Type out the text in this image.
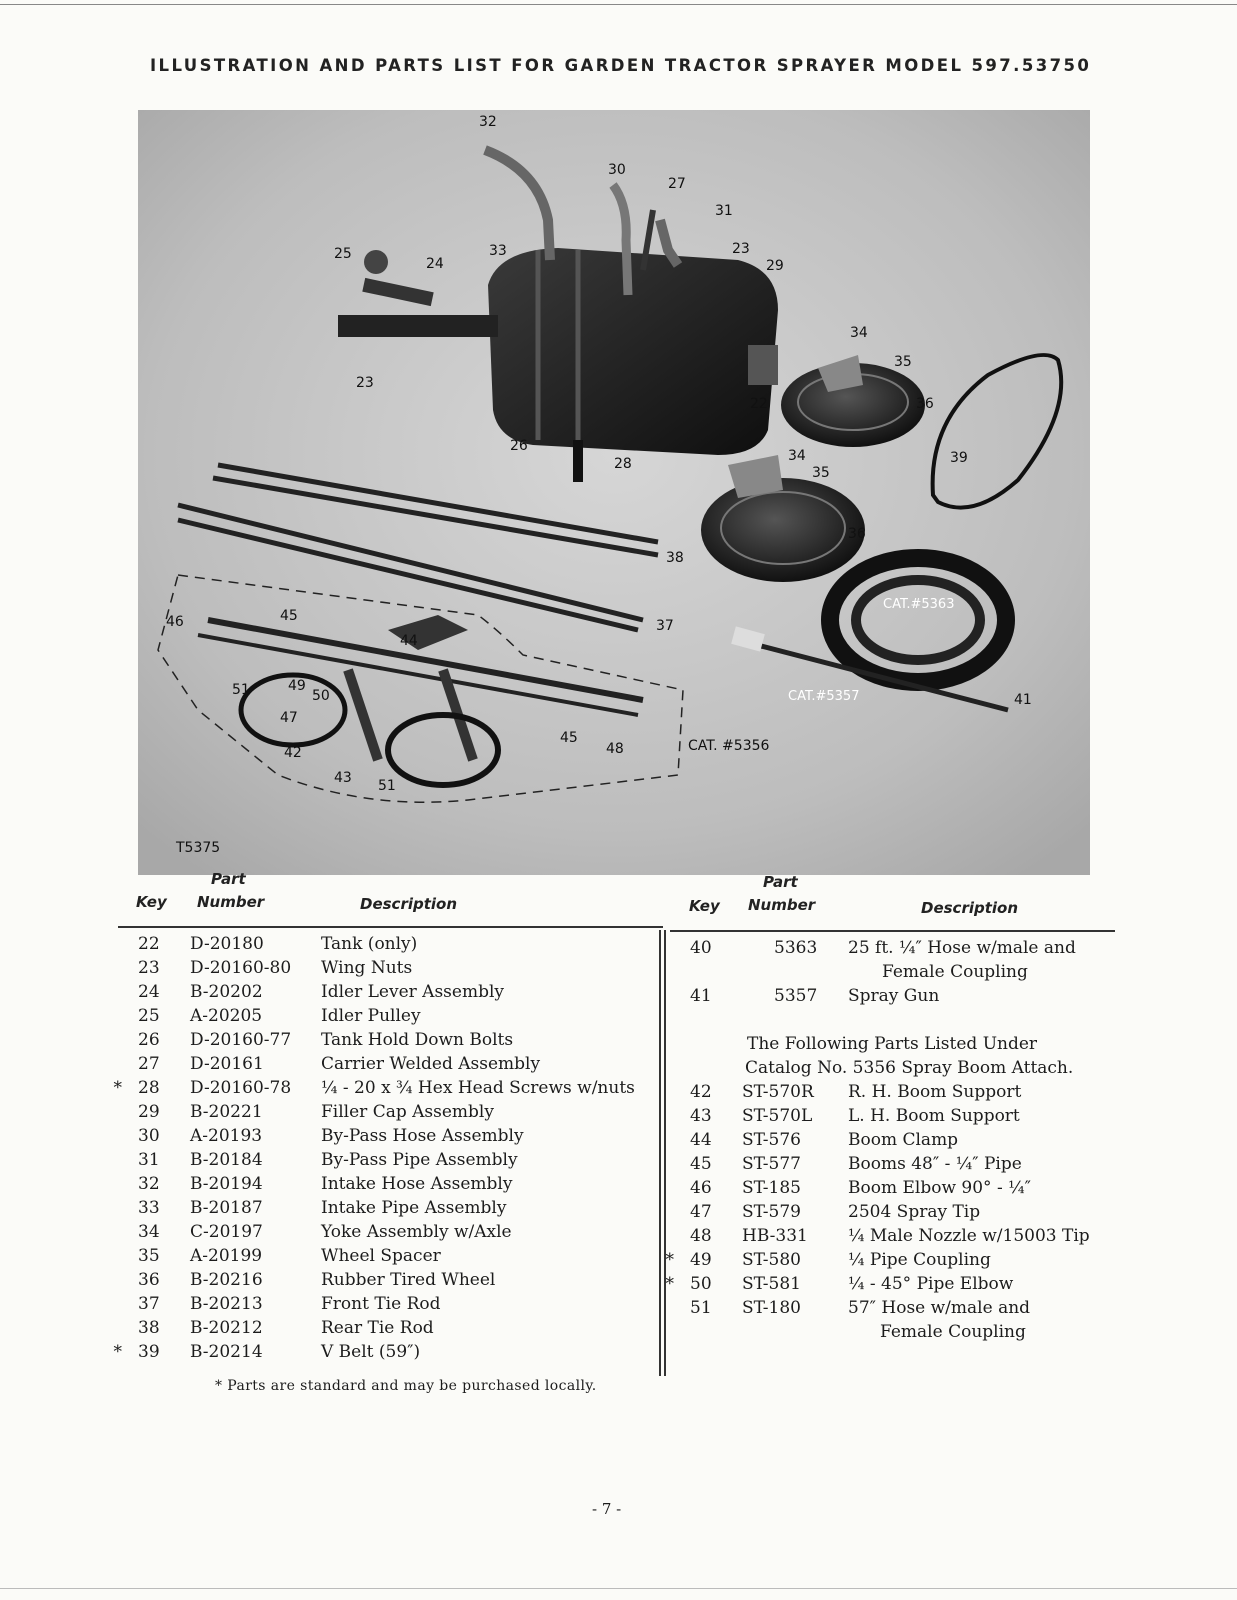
ILLUSTRATION AND PARTS LIST FOR GARDEN TRACTOR SPRAYER MODEL 597.53750
32
30
27
31
23
29
25
24
33
23
34
35
36
22
26
28	39
34
35
36
38
37
46	45
44
51	49
50
47
42
43 51
45
48
41
CAT.#5363
CAT.#5357
CAT. #5356
T5375
Part
Key Number	Description
Part
Key Number	Description
22	D-20180	Tank (only)
23	D-20160-80 Wing Nuts
24	B-20202	Idler Lever Assembly
25	A-20205	Idler Pulley
26	D-20160-77 Tank Hold Down Bolts
27	D-20161	Carrier Welded Assembly
* 28	D-20160-78 ¼ - 20 x ¾ Hex Head Screws w/nuts
29	B-20221	Filler Cap Assembly
30	A-20193	By-Pass Hose Assembly
31	B-20184	By-Pass Pipe Assembly
32	B-20194	Intake Hose Assembly
33	B-20187	Intake Pipe Assembly
34	C-20197	Yoke Assembly w/Axle
35	A-20199	Wheel Spacer
36	B-20216	Rubber Tired Wheel
37	B-20213	Front Tie Rod
38	B-20212	Rear Tie Rod
* 39	B-20214	V Belt (59″)
40	5363 25 ft. ¼″ Hose w/male and
Female Coupling
41	5357 Spray Gun
The Following Parts Listed Under
Catalog No. 5356 Spray Boom Attach.
42	ST-570R R. H. Boom Support
43	ST-570L L. H. Boom Support
44	ST-576	Boom Clamp
45	ST-577	Booms 48″ - ¼″ Pipe
46	ST-185	Boom Elbow 90° - ¼″
47	ST-579	2504 Spray Tip
48	HB-331 ¼ Male Nozzle w/15003 Tip
* 49	ST-580	¼ Pipe Coupling
* 50	ST-581	¼ - 45° Pipe Elbow
51	ST-180	57″ Hose w/male and
Female Coupling
* Parts are standard and may be purchased locally.
- 7 -
